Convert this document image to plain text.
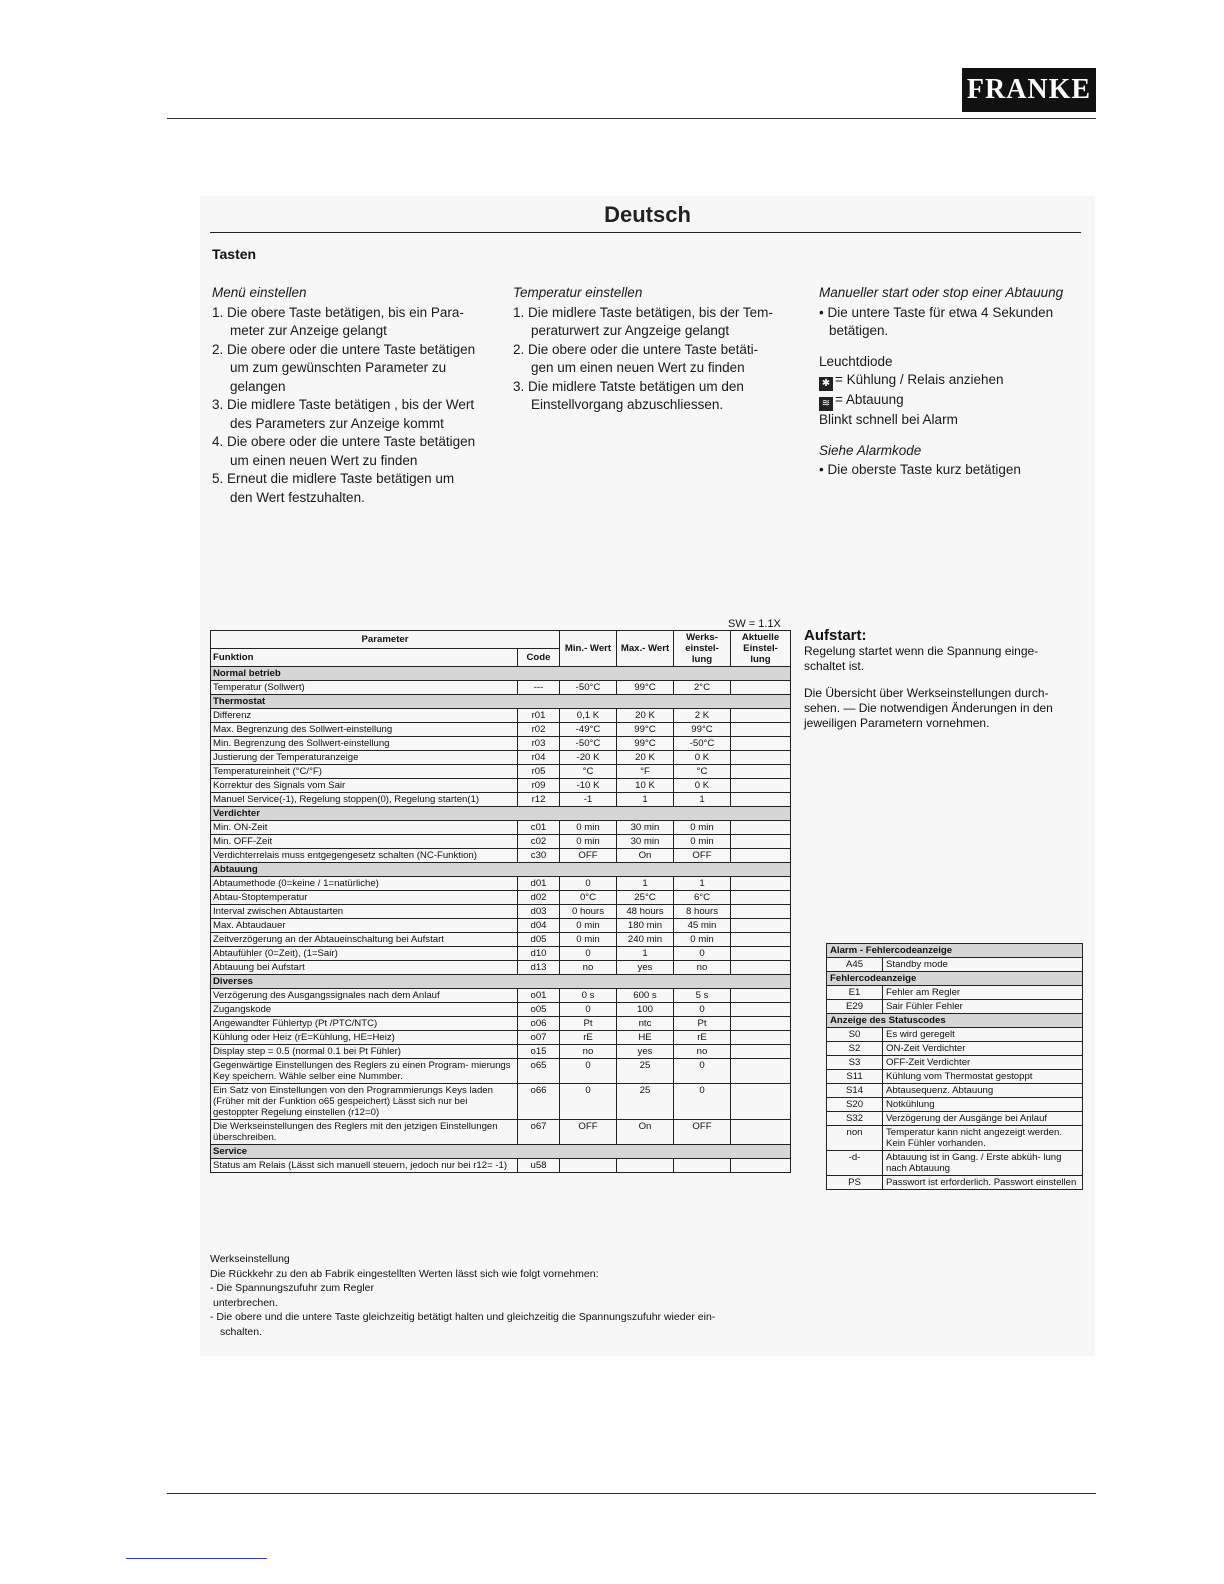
FRANKE
Deutsch
Tasten
Menü einstellen
1. Die obere Taste betätigen, bis ein Para-
meter zur Anzeige gelangt
2. Die obere oder die untere Taste betätigen
um zum gewünschten Parameter zu
gelangen
3. Die midlere Taste betätigen , bis der Wert
des Parameters zur Anzeige kommt
4. Die obere oder die untere Taste betätigen
um einen neuen Wert zu finden
5. Erneut die midlere Taste betätigen um
den Wert festzuhalten.
Temperatur einstellen
1. Die midlere Taste betätigen, bis der Tem-
peraturwert zur Angzeige gelangt
2. Die obere oder die untere Taste betäti-
gen um einen neuen Wert zu finden
3. Die midlere Tatste betätigen um den
Einstellvorgang abzuschliessen.
Manueller start oder stop einer Abtauung
• Die untere Taste für etwa 4 Sekunden
betätigen.
Leuchtdiode
✱ = Kühlung / Relais anziehen
≋ = Abtauung
Blinkt schnell bei Alarm
Siehe Alarmkode
• Die oberste Taste kurz betätigen
SW = 1.1X
Parameter		Min.- Wert	Max.- Wert	Werks- einstel- lung	Aktuelle Einstel- lung
Funktion	Code				
Normal betrieb					
Temperatur (Sollwert)	---	-50°C	99°C	2°C	
Thermostat					
Differenz	r01	0,1 K	20 K	2 K	
Max. Begrenzung des Sollwert-einstellung	r02	-49°C	99°C	99°C	
Min. Begrenzung des Sollwert-einstellung	r03	-50°C	99°C	-50°C	
Justierung der Temperaturanzeige	r04	-20 K	20 K	0 K	
Temperatureinheit (°C/°F)	r05	°C	°F	°C	
Korrektur des Signals vom Sair	r09	-10 K	10 K	0 K	
Manuel Service(-1), Regelung stoppen(0), Regelung starten(1)	r12	-1	1	1	
Verdichter					
Min. ON-Zeit	c01	0 min	30 min	0 min	
Min. OFF-Zeit	c02	0 min	30 min	0 min	
Verdichterrelais muss entgegengesetz schalten (NC-Funktion)	c30	OFF	On	OFF	
Abtauung					
Abtaumethode (0=keine / 1=natürliche)	d01	0	1	1	
Abtau-Stoptemperatur	d02	0°C	25°C	6°C	
Interval zwischen Abtaustarten	d03	0 hours	48 hours	8 hours	
Max. Abtaudauer	d04	0 min	180 min	45 min	
Zeitverzögerung an der Abtaueinschaltung bei Aufstart	d05	0 min	240 min	0 min	
Abtaufühler (0=Zeit), (1=Sair)	d10	0	1	0	
Abtauung bei Aufstart	d13	no	yes	no	
Diverses					
Verzögerung des Ausgangssignales nach dem Anlauf	o01	0 s	600 s	5 s	
Zugangskode	o05	0	100	0	
Angewandter Fühlertyp (Pt /PTC/NTC)	o06	Pt	ntc	Pt	
Kühlung oder Heiz (rE=Kühlung, HE=Heiz)	o07	rE	HE	rE	
Display step = 0.5 (normal 0.1 bei Pt Fühler)	o15	no	yes	no	
Gegenwärtige Einstellungen des Reglers zu einen Program- mierungs Key speichern. Wähle selber eine Nummber.	o65	0	25	0	
Ein Satz von Einstellungen von den Programmierungs Keys laden (Früher mit der Funktion o65 gespeichert) Lässt sich nur bei gestoppter Regelung einstellen (r12=0)	o66	0	25	0	
Die Werkseinstellungen des Reglers mit den jetzigen Einstellungen überschreiben.	o67	OFF	On	OFF	
Service					
Status am Relais (Lässt sich manuell steuern, jedoch nur bei r12= -1)	u58				
Aufstart:
Regelung startet wenn die Spannung einge- schaltet ist.
Die Übersicht über Werkseinstellungen durch- sehen. — Die notwendigen Änderungen in den jeweiligen Parametern vornehmen.
Alarm - Fehlercodeanzeige	
A45	Standby mode
Fehlercodeanzeige	
E1	Fehler am Regler
E29	Sair Fühler Fehler
Anzeige des Statuscodes	
S0	Es wird geregelt
S2	ON-Zeit Verdichter
S3	OFF-Zeit Verdichter
S11	Kühlung vom Thermostat gestoppt
S14	Abtausequenz. Abtauung
S20	Notkühlung
S32	Verzögerung der Ausgänge bei Anlauf
non	Temperatur kann nicht angezeigt werden. Kein Fühler vorhanden.
-d-	Abtauung ist in Gang. / Erste abküh- lung nach Abtauung
PS	Passwort ist erforderlich. Passwort einstellen
Werkseinstellung
Die Rückkehr zu den ab Fabrik eingestellten Werten lässt sich wie folgt vornehmen:
- Die Spannungszufuhr zum Regler
unterbrechen.
- Die obere und die untere Taste gleichzeitig betätigt halten und gleichzeitig die Spannungszufuhr wieder ein-
schalten.
